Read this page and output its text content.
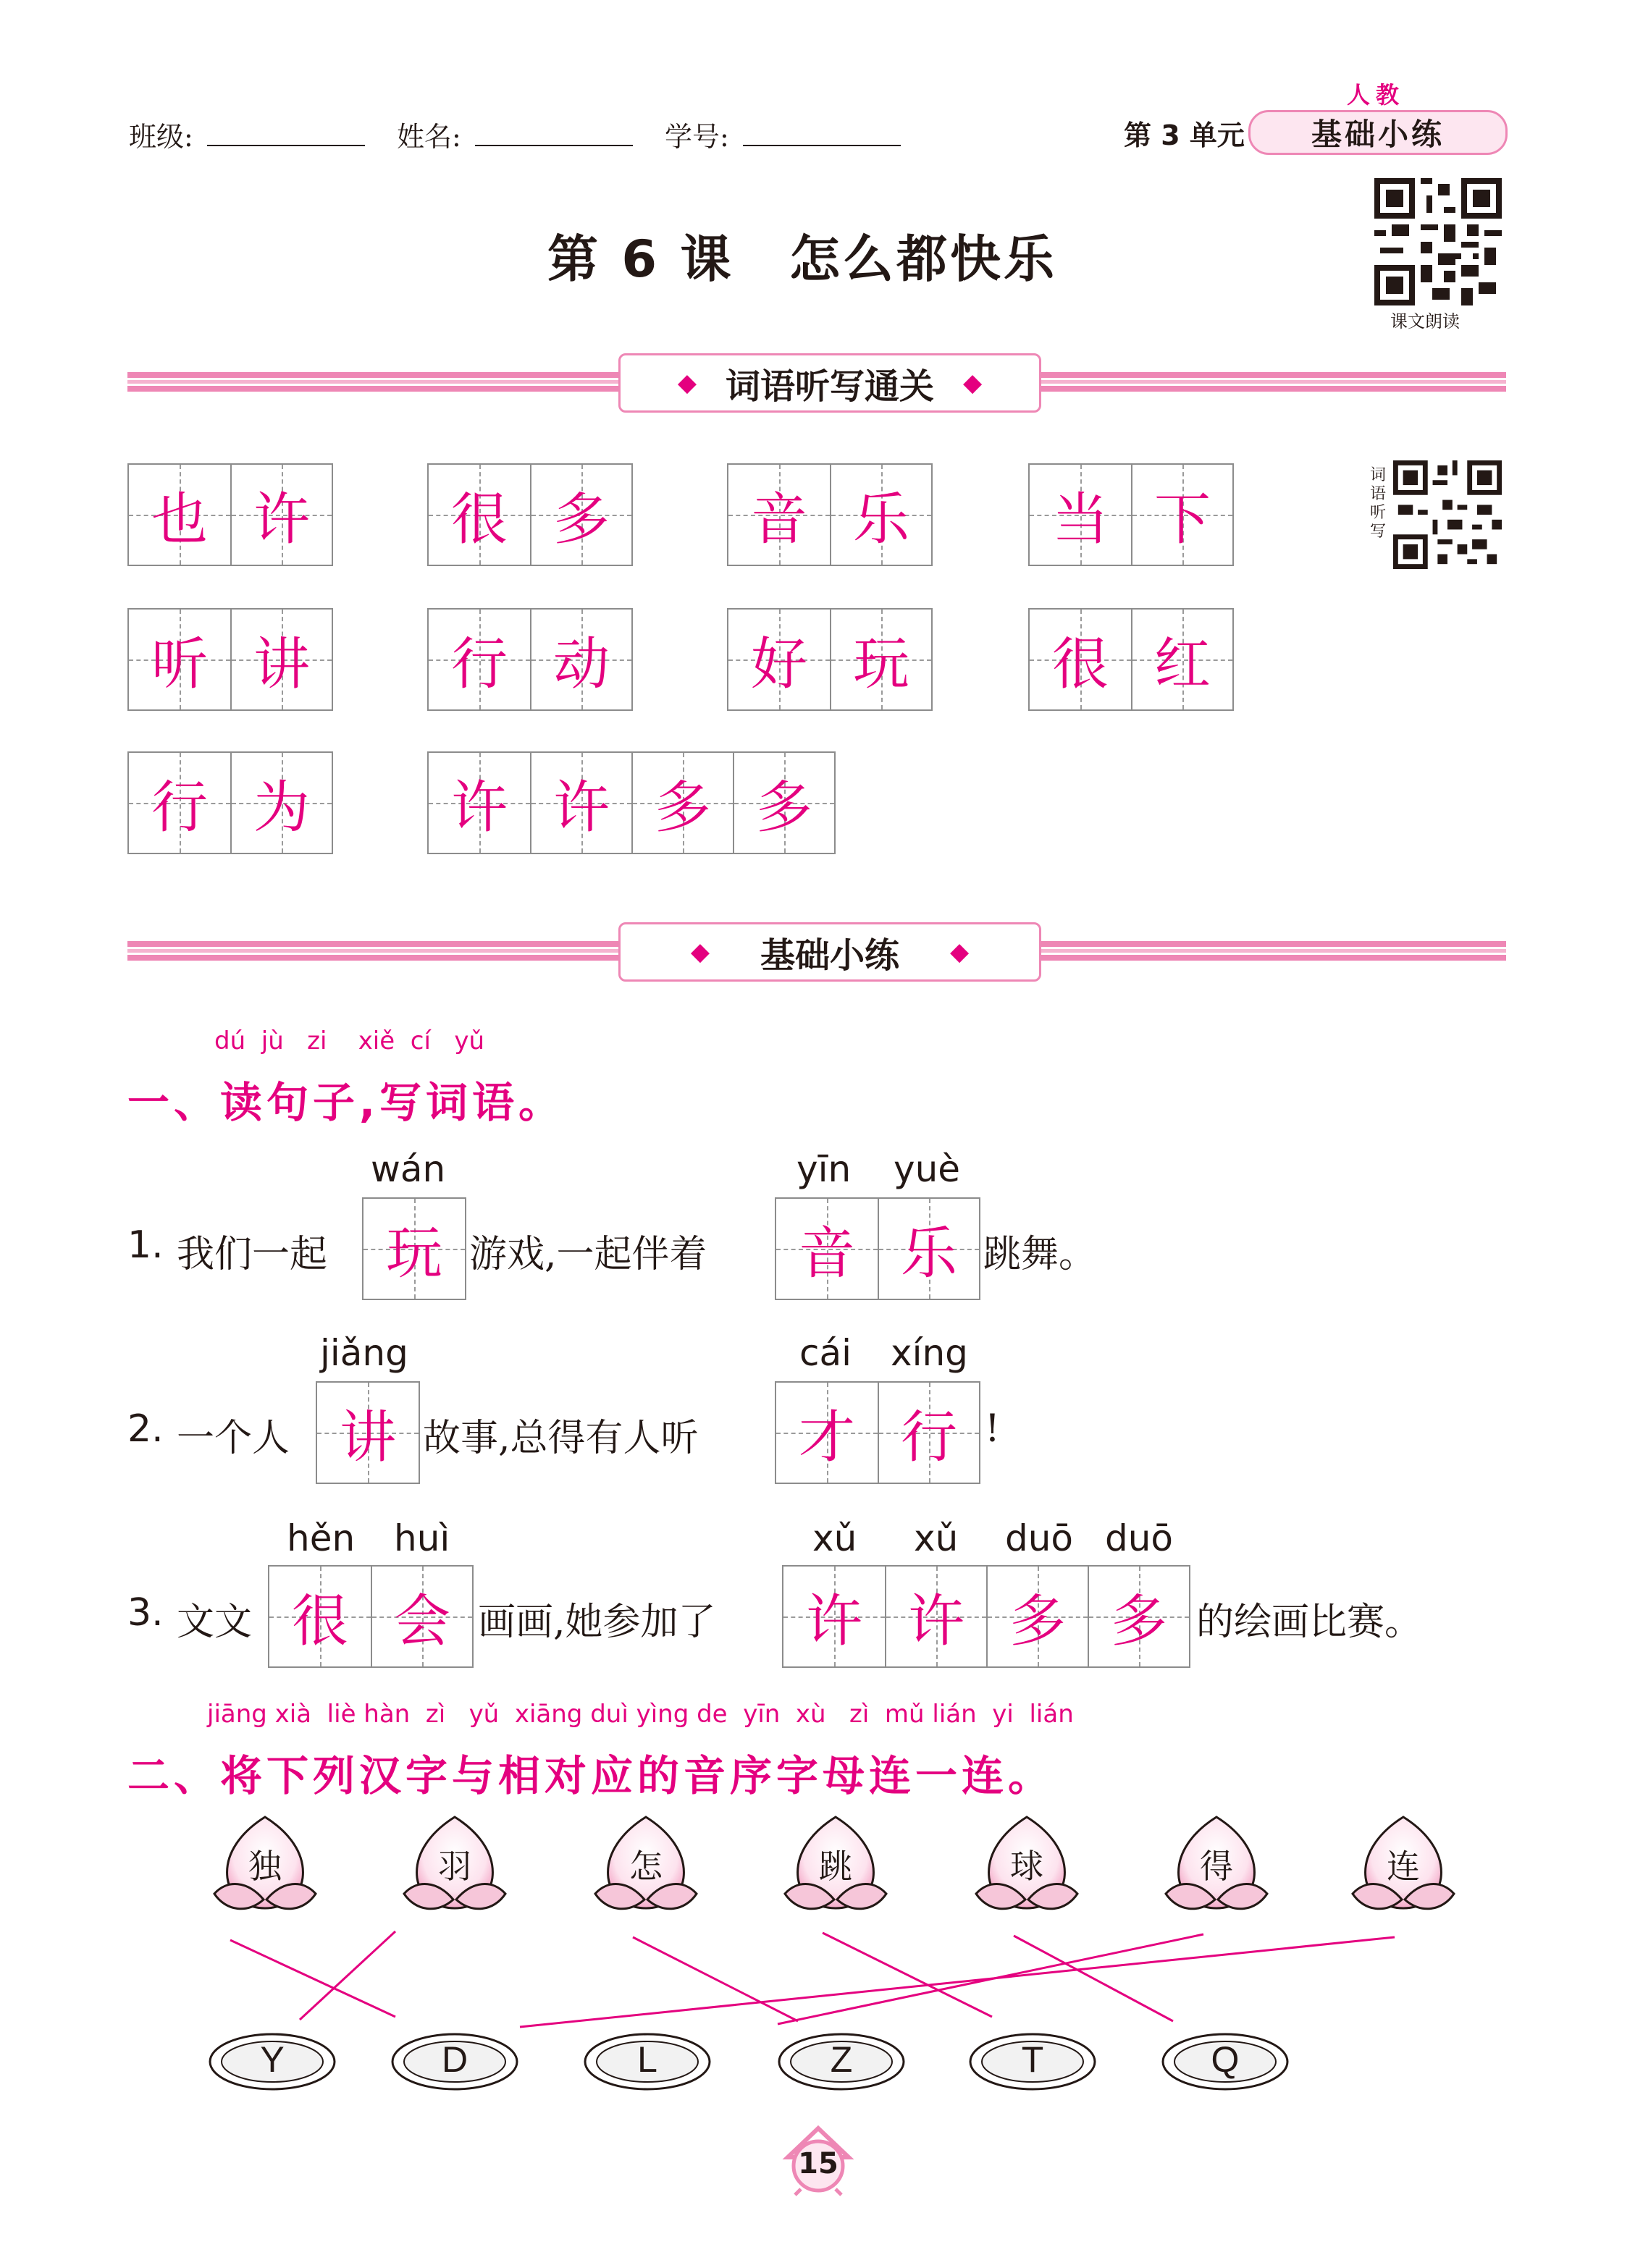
班级:	姓名:	学号:	第 3 单元
人教
基础小练
课文朗读
第 6 课 怎么都快乐
◆ 词语听写通关 ◆
词语听写
也 许	很 多	音 乐	当 下
听 讲	行 动	好 玩	很 红
行 为	许 许 多 多
◆ 基础小练 ◆
dú  jù   zi    xiě  cí   yǔ
一、读句子,写词语。
wán	yīn yuè
1. 我们一起	玩 游戏,一起伴着	音 乐 跳舞。
jiǎng	cái xíng
2. 一个人 讲 故事,总得有人听	才 行 !
hěn huì	xǔ xǔ duō duō
3. 文文 很 会 画画,她参加了	许 许 多 多 的绘画比赛。
jiāng xià  liè hàn  zì   yǔ  xiāng duì yìng de  yīn  xù   zì  mǔ lián  yi  lián
二、将下列汉字与相对应的音序字母连一连。
独	羽	怎	跳	球	得	连
Y	D	L	Z	T	Q
15
